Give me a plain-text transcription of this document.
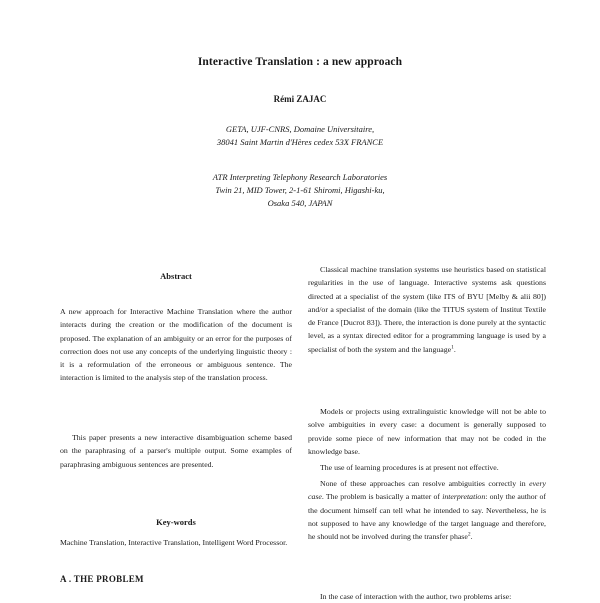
Interactive Translation : a new approach
Rémi ZAJAC
GETA, UJF-CNRS, Domaine Universitaire,
38041 Saint Martin d'Hères cedex 53X FRANCE
ATR Interpreting Telephony Research Laboratories
Twin 21, MID Tower, 2-1-61 Shiromi, Higashi-ku,
Osaka 540, JAPAN
Abstract

A new approach for Interactive Machine Translation where the author interacts during the creation or the modification of the document is proposed. The explanation of an ambiguity or an error for the purposes of correction does not use any concepts of the underlying linguistic theory : it is a reformulation of the erroneous or ambiguous sentence. The interaction is limited to the analysis step of the translation process.

This paper presents a new interactive disambiguation scheme based on the paraphrasing of a parser's multiple output. Some examples of paraphrasing ambiguous sentences are presented.

Key-words

Machine Translation, Interactive Translation, Intelligent Word Processor.

A . THE PROBLEM

Classical machine translation systems use heuristics based on statistical regularities in the use of language. Interactive systems ask questions directed at a specialist of the system (like ITS of BYU [Melby & alii 80]) and/or a specialist of the domain (like the TITUS system of Institut Textile de France [Ducrot 83]). There, the interaction is done purely at the syntactic level, as a syntax directed editor for a programming language is used by a specialist of both the system and the language$^1$.

Models or projects using extralinguistic knowledge will not be able to solve ambiguities in every case: a document is generally supposed to provide some piece of new information that may not be coded in the knowledge base.

The use of learning procedures is at present not effective.

None of these approaches can resolve ambiguities correctly in every case. The problem is basically a matter of interpretation: only the author of the document himself can tell what he intended to say. Nevertheless, he is not supposed to have any knowledge of the target language and therefore, he should not be involved during the transfer phase$^2$.

In the case of interaction with the author, two problems arise:
